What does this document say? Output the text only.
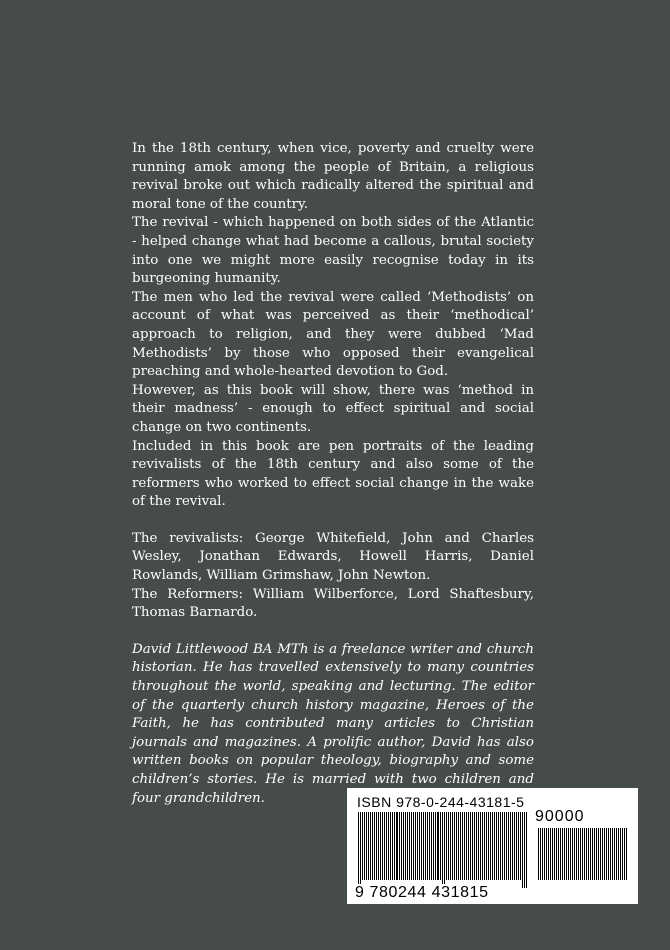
In the 18th century, when vice, poverty and cruelty were running amok among the people of Britain, a religious revival broke out which radically altered the spiritual and moral tone of the country.

The revival - which happened on both sides of the Atlantic - helped change what had become a callous, brutal society into one we might more easily recognise today in its burgeoning humanity.

The men who led the revival were called ‘Methodists’ on account of what was perceived as their ‘methodical’ approach to religion, and they were dubbed ‘Mad Methodists’ by those who opposed their evangelical preaching and whole-hearted devotion to God.

However, as this book will show, there was ‘method in their madness’ - enough to effect spiritual and social change on two continents.

Included in this book are pen portraits of the leading revivalists of the 18th century and also some of the reformers who worked to effect social change in the wake of the revival.

The revivalists: George Whitefield, John and Charles Wesley, Jonathan Edwards, Howell Harris, Daniel Rowlands, William Grimshaw, John Newton.

The Reformers: William Wilberforce, Lord Shaftesbury, Thomas Barnardo.

David Littlewood BA MTh is a freelance writer and church historian. He has travelled extensively to many countries throughout the world, speaking and lecturing. The editor of the quarterly church history magazine, Heroes of the Faith, he has contributed many articles to Christian journals and magazines. A prolific author, David has also written books on popular theology, biography and some children’s stories. He is married with two children and four grandchildren.	ISBN 978-0-244-43181-5
90000
9 780244 431815
